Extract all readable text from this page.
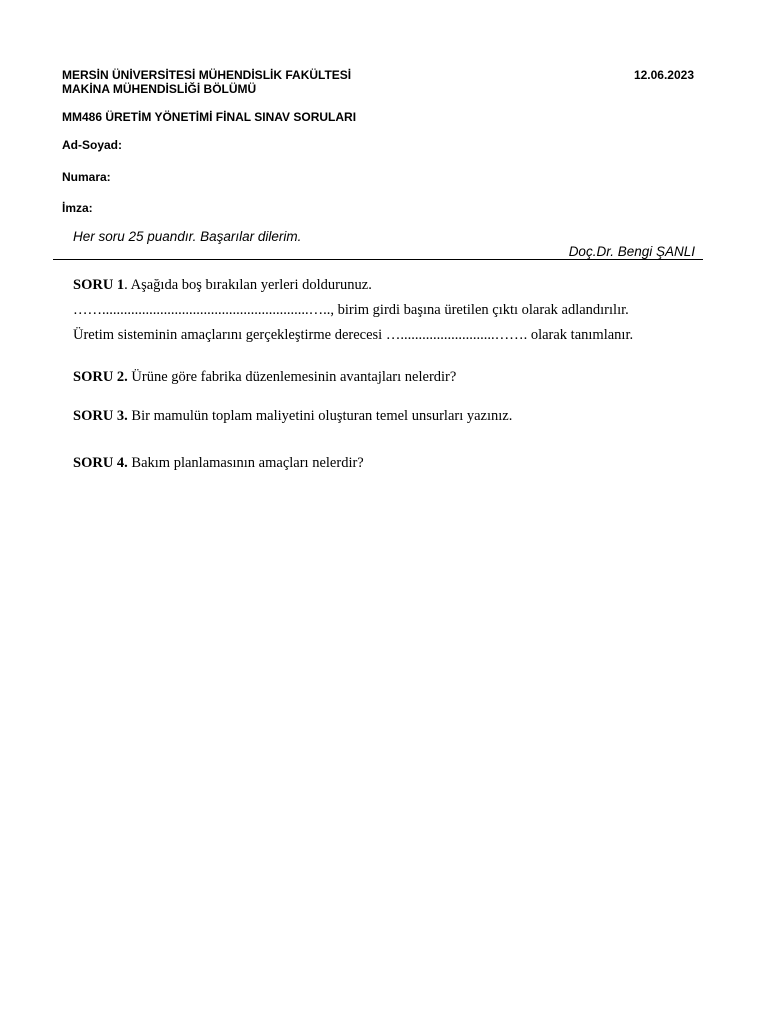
MERSİN ÜNİVERSİTESİ MÜHENDİSLİK FAKÜLTESİ
MAKİNA MÜHENDİSLİĞİ BÖLÜMÜ
12.06.2023
MM486 ÜRETİM YÖNETİMİ FİNAL SINAV SORULARI
Ad-Soyad:
Numara:
İmza:
Her soru 25 puandır. Başarılar dilerim.
Doç.Dr. Bengi ŞANLI
SORU 1. Aşağıda boş bırakılan yerleri doldurunuz.
…….........................................................….., birim girdi başına üretilen çıktı olarak adlandırılır.
Üretim sisteminin amaçlarını gerçekleştirme derecesi …..........................……. olarak tanımlanır.
SORU 2. Ürüne göre fabrika düzenlemesinin avantajları nelerdir?
SORU 3. Bir mamulün toplam maliyetini oluşturan temel unsurları yazınız.
SORU 4. Bakım planlamasının amaçları nelerdir?
